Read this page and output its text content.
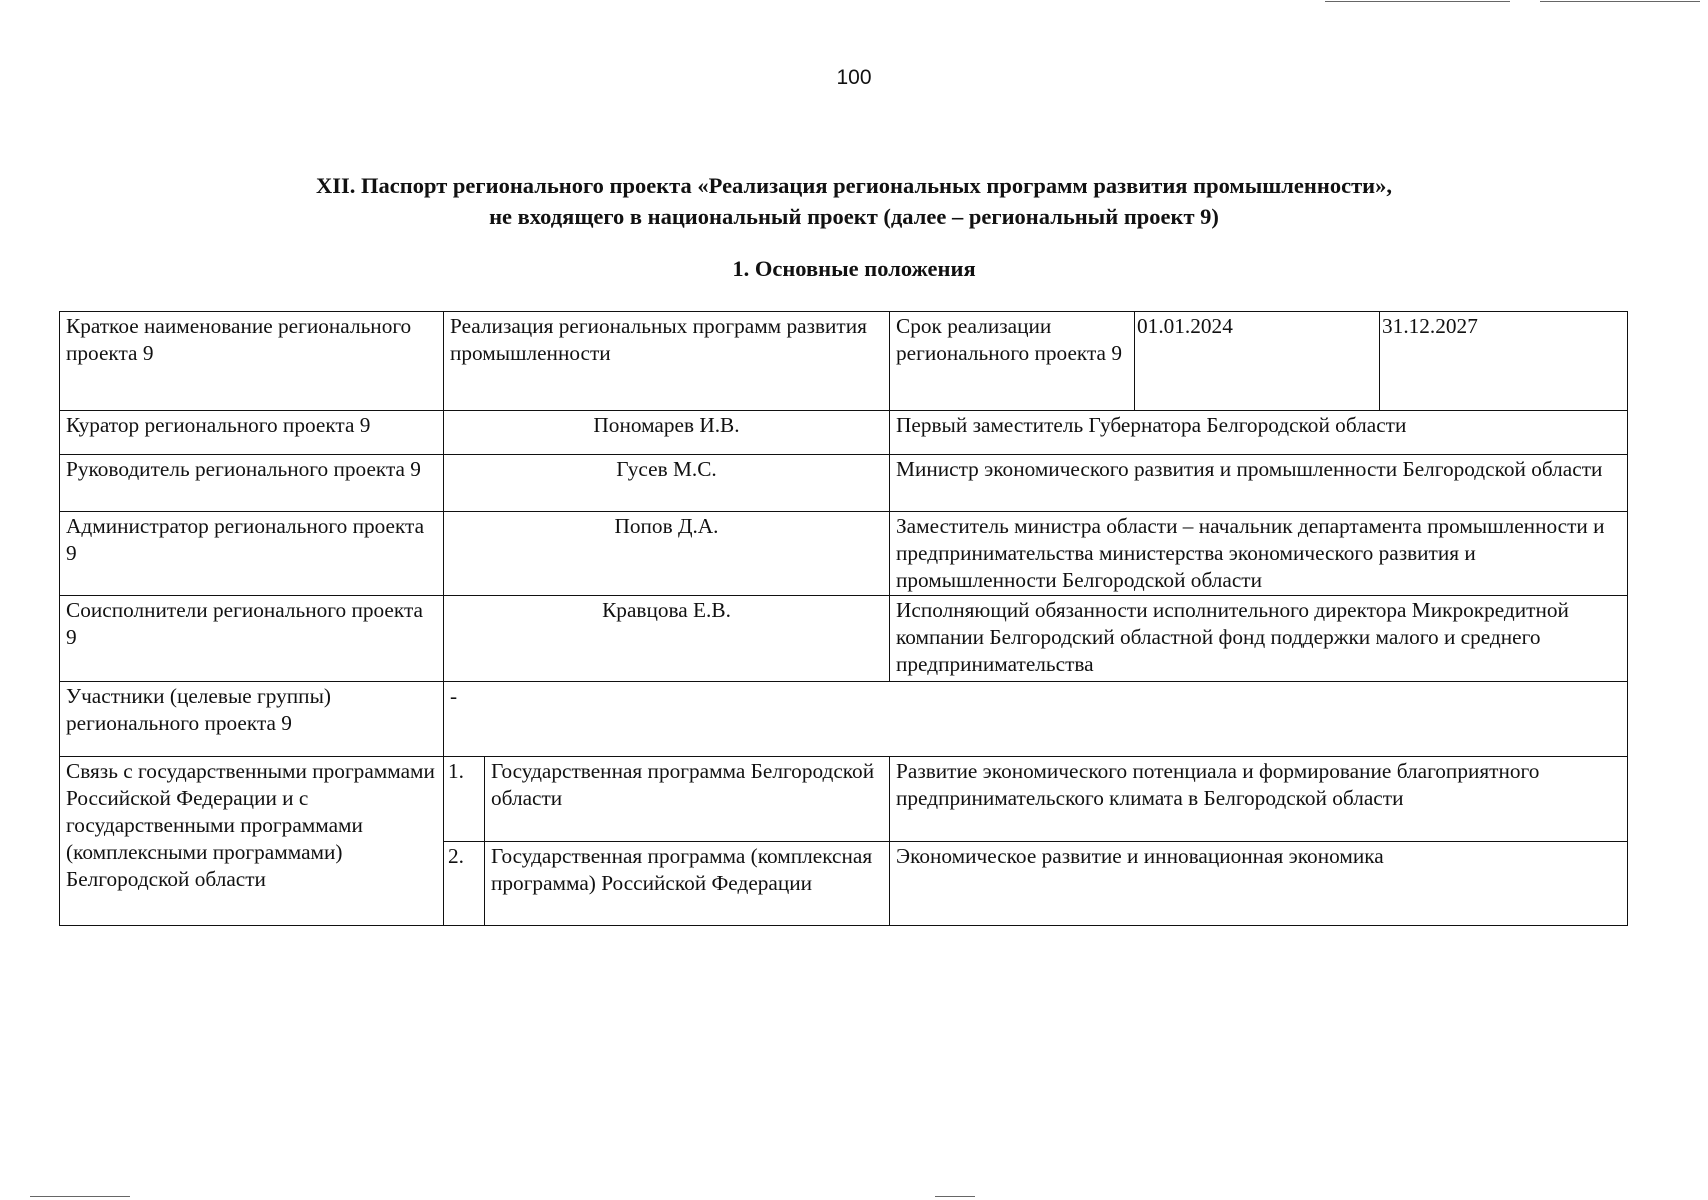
100
XII. Паспорт регионального проекта «Реализация региональных программ развития промышленности»,
не входящего в национальный проект (далее – региональный проект 9)
1. Основные положения
Краткое наименование регионального проекта 9	Реализация региональных программ развития промышленности		Срок реализации регионального проекта 9	01.01.2024	31.12.2027
Куратор регионального проекта 9	Пономарев И.В.		Первый заместитель Губернатора Белгородской области		
Руководитель регионального проекта 9	Гусев М.С.		Министр экономического развития и промышленности Белгородской области		
Администратор регионального проекта 9	Попов Д.А.		Заместитель министра области – начальник департамента промышленности и предпринимательства министерства экономического развития и промышленности Белгородской области		
Соисполнители регионального проекта 9	Кравцова Е.В.		Исполняющий обязанности исполнительного директора Микрокредитной компании Белгородский областной фонд поддержки малого и среднего предпринимательства		
Участники (целевые группы) регионального проекта 9	-				
Связь с государственными программами Российской Федерации и с государственными программами (комплексными программами) Белгородской области	1.	Государственная программа Белгородской области	Развитие экономического потенциала и формирование благоприятного предпринимательского климата в Белгородской области		
	2.	Государственная программа (комплексная программа) Российской Федерации	Экономическое развитие и инновационная экономика		
